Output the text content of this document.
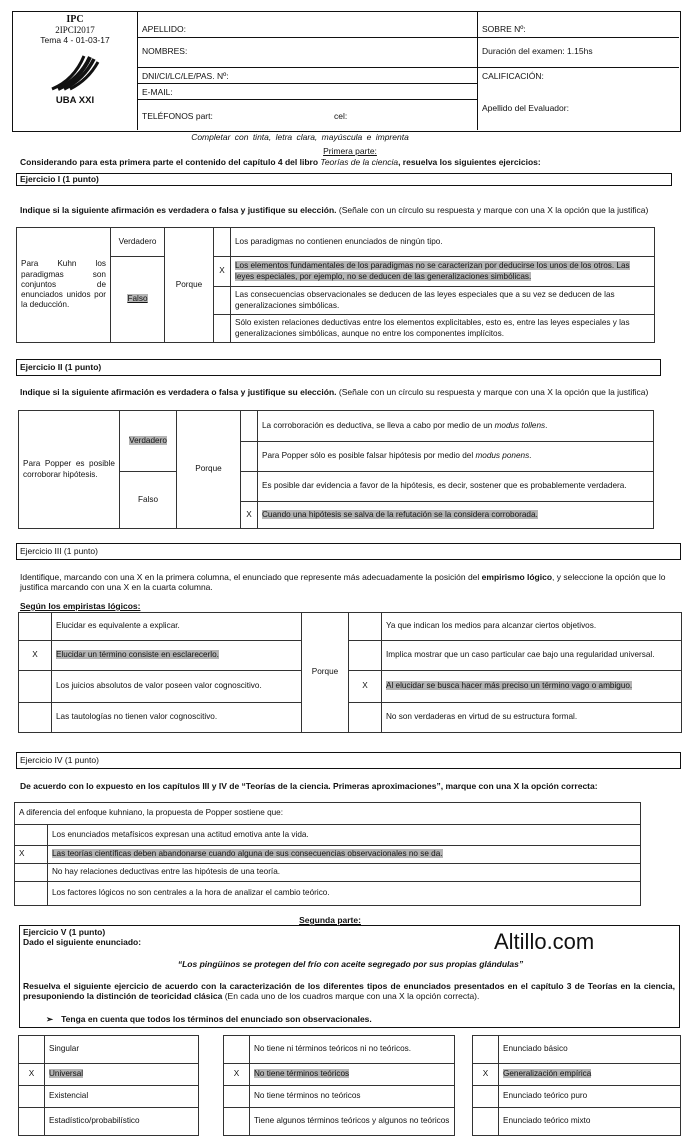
IPC
2IPCI2017
Tema 4 - 01-03-17
UBA XXI
APELLIDO:
NOMBRES:
DNI/CI/LC/LE/PAS. Nº:
E-MAIL:
TELÉFONOS part:	cel:
SOBRE Nº:
Duración del examen: 1.15hs
CALIFICACIÓN:
Apellido del Evaluador:
Completar con tinta, letra clara, mayúscula e imprenta
Primera parte:
Considerando para esta primera parte el contenido del capítulo 4 del libro Teorías de la ciencia, resuelva los siguientes ejercicios:
Ejercicio I (1 punto)
Indique si la siguiente afirmación es verdadera o falsa y justifique su elección. (Señale con un círculo su respuesta y marque con una X la opción que la justifica)
Para Kuhn los paradigmas son conjuntos de enunciados unidos por la deducción.	Verdadero	Porque		Los paradigmas no contienen enunciados de ningún tipo.
	Falso		X	Los elementos fundamentales de los paradigmas no se caracterizan por deducirse los unos de los otros. Las leyes especiales, por ejemplo, no se deducen de las generalizaciones simbólicas.
				Las consecuencias observacionales se deducen de las leyes especiales que a su vez se deducen de las generalizaciones simbólicas.
				Sólo existen relaciones deductivas entre los elementos explicitables, esto es, entre las leyes especiales y las generalizaciones simbólicas, aunque no entre los componentes implícitos.
Ejercicio II (1 punto)
Indique si la siguiente afirmación es verdadera o falsa y justifique su elección. (Señale con un círculo su respuesta y marque con una X la opción que la justifica)
Para Popper es posible corroborar hipótesis.	Verdadero	Porque		La corroboración es deductiva, se lleva a cabo por medio de un modus tollens.
				Para Popper sólo es posible falsar hipótesis por medio del modus ponens.
	Falso			Es posible dar evidencia a favor de la hipótesis, es decir, sostener que es probablemente verdadera.
			X	Cuando una hipótesis se salva de la refutación se la considera corroborada.
Ejercicio III (1 punto)
Identifique, marcando con una X en la primera columna, el enunciado que represente más adecuadamente la posición del empirismo lógico, y seleccione la opción que lo justifica marcando con una X en la cuarta columna.
Según los empiristas lógicos:
	Elucidar es equivalente a explicar.	Porque		Ya que indican los medios para alcanzar ciertos objetivos.
X	Elucidar un término consiste en esclarecerlo.			Implica mostrar que un caso particular cae bajo una regularidad universal.
	Los juicios absolutos de valor poseen valor cognoscitivo.		X	Al elucidar se busca hacer más preciso un término vago o ambiguo.
	Las tautologías no tienen valor cognoscitivo.			No son verdaderas en virtud de su estructura formal.
Ejercicio IV (1 punto)
De acuerdo con lo expuesto en los capítulos III y IV de “Teorías de la ciencia. Primeras aproximaciones”, marque con una X la opción correcta:
A diferencia del enfoque kuhniano, la propuesta de Popper sostiene que:	
	Los enunciados metafísicos expresan una actitud emotiva ante la vida.
X	Las teorías científicas deben abandonarse cuando alguna de sus consecuencias observacionales no se da.
	No hay relaciones deductivas entre las hipótesis de una teoría.
	Los factores lógicos no son centrales a la hora de analizar el cambio teórico.
Segunda parte:
Ejercicio V (1 punto)
Dado el siguiente enunciado:	Altillo.com
“Los pingüinos se protegen del frío con aceite segregado por sus propias glándulas”
Resuelva el siguiente ejercicio de acuerdo con la caracterización de los diferentes tipos de enunciados presentados en el capítulo 3 de Teorías en la ciencia, presuponiendo la distinción de teoricidad clásica (En cada uno de los cuadros marque con una X la opción correcta).
➢ Tenga en cuenta que todos los términos del enunciado son observacionales.
	Singular
X	Universal
	Existencial
	Estadístico/probabilístico
	No tiene ni términos teóricos ni no teóricos.
X	No tiene términos teóricos
	No tiene términos no teóricos
	Tiene algunos términos teóricos y algunos no teóricos
	Enunciado básico
X	Generalización empírica
	Enunciado teórico puro
	Enunciado teórico mixto
